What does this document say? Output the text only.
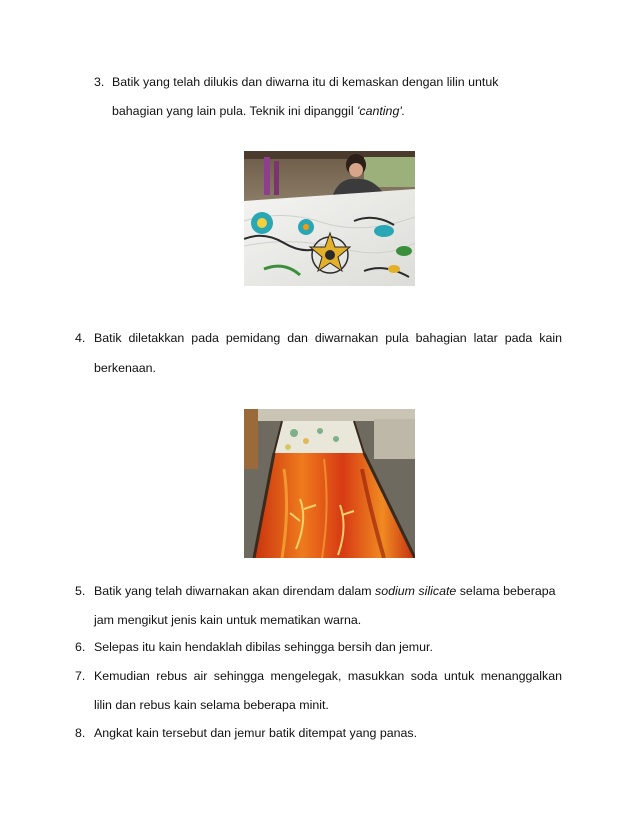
3. Batik yang telah dilukis dan diwarna itu di kemaskan dengan lilin untuk
bahagian yang lain pula. Teknik ini dipanggil 'canting'.
4. Batik diletakkan pada pemidang dan diwarnakan pula bahagian latar pada kain
berkenaan.
5. Batik yang telah diwarnakan akan direndam dalam sodium silicate selama beberapa
jam mengikut jenis kain untuk mematikan warna.
6. Selepas itu kain hendaklah dibilas sehingga bersih dan jemur.
7. Kemudian rebus air sehingga mengelegak, masukkan soda untuk menanggalkan
lilin dan rebus kain selama beberapa minit.
8. Angkat kain tersebut dan jemur batik ditempat yang panas.
